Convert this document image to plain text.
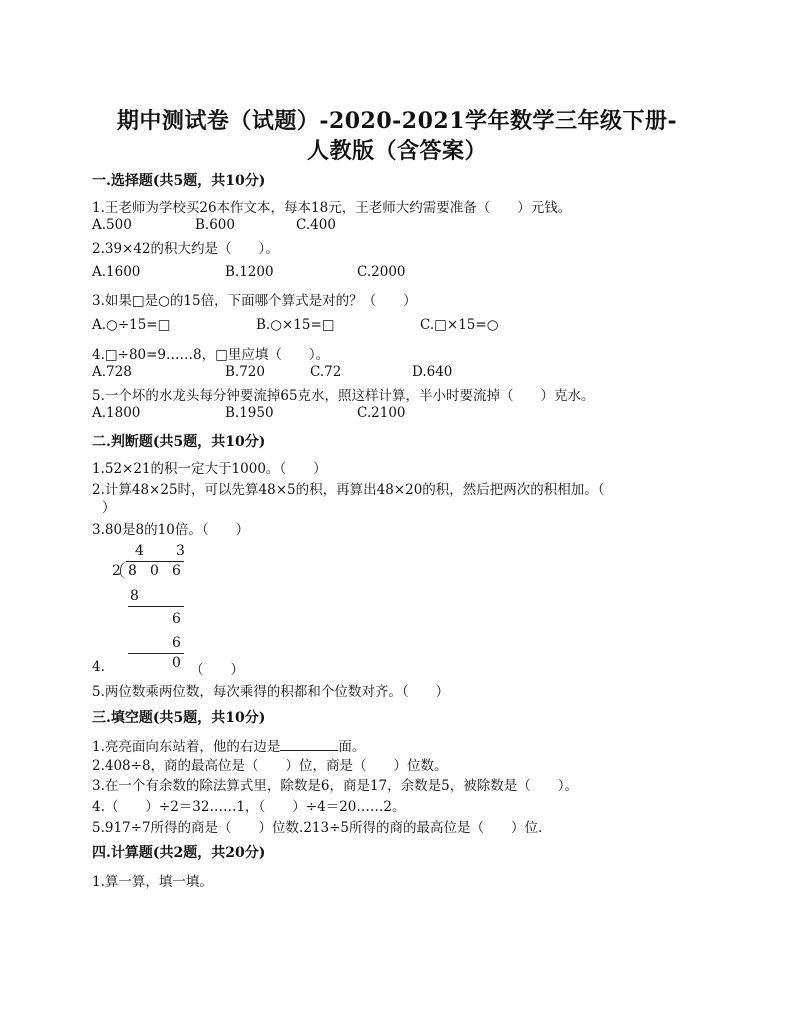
期中测试卷（试题）-2020-2021学年数学三年级下册-
人教版（含答案）
一.选择题(共5题，共10分)
1.王老师为学校买26本作文本，每本18元，王老师大约需要准备（　　）元钱。
A.500	B.600	C.400
2.39×42的积大约是（　　）。
A.1600	B.1200	C.2000
3.如果□是○的15倍，下面哪个算式是对的？（　　）
A.○÷15=□	B.○×15=□	C.□×15=○
4.□÷80=9……8，□里应填（　　）。
A.728	B.720	C.72	D.640
5.一个坏的水龙头每分钟要流掉65克水，照这样计算，半小时要流掉（　　）克水。
A.1800	B.1950	C.2100
二.判断题(共5题，共10分)
1.52×21的积一定大于1000。（　　）
2.计算48×25时，可以先算48×5的积，再算出48×20的积，然后把两次的积相加。（
）
3.80是8的10倍。（　　）
4 3
2 8 0 6
8
6
6
0
4.	（　　）
5.两位数乘两位数，每次乘得的积都和个位数对齐。（　　）
三.填空题(共5题，共10分)
1.亮亮面向东站着，他的右边是	面。
2.408÷8，商的最高位是（　　）位，商是（　　）位数。
3.在一个有余数的除法算式里，除数是6，商是17，余数是5，被除数是（　　）。
4.（　　）÷2＝32……1，（　　）÷4＝20……2。
5.917÷7所得的商是（　　）位数.213÷5所得的商的最高位是（　　）位.
四.计算题(共2题，共20分)
1.算一算，填一填。
